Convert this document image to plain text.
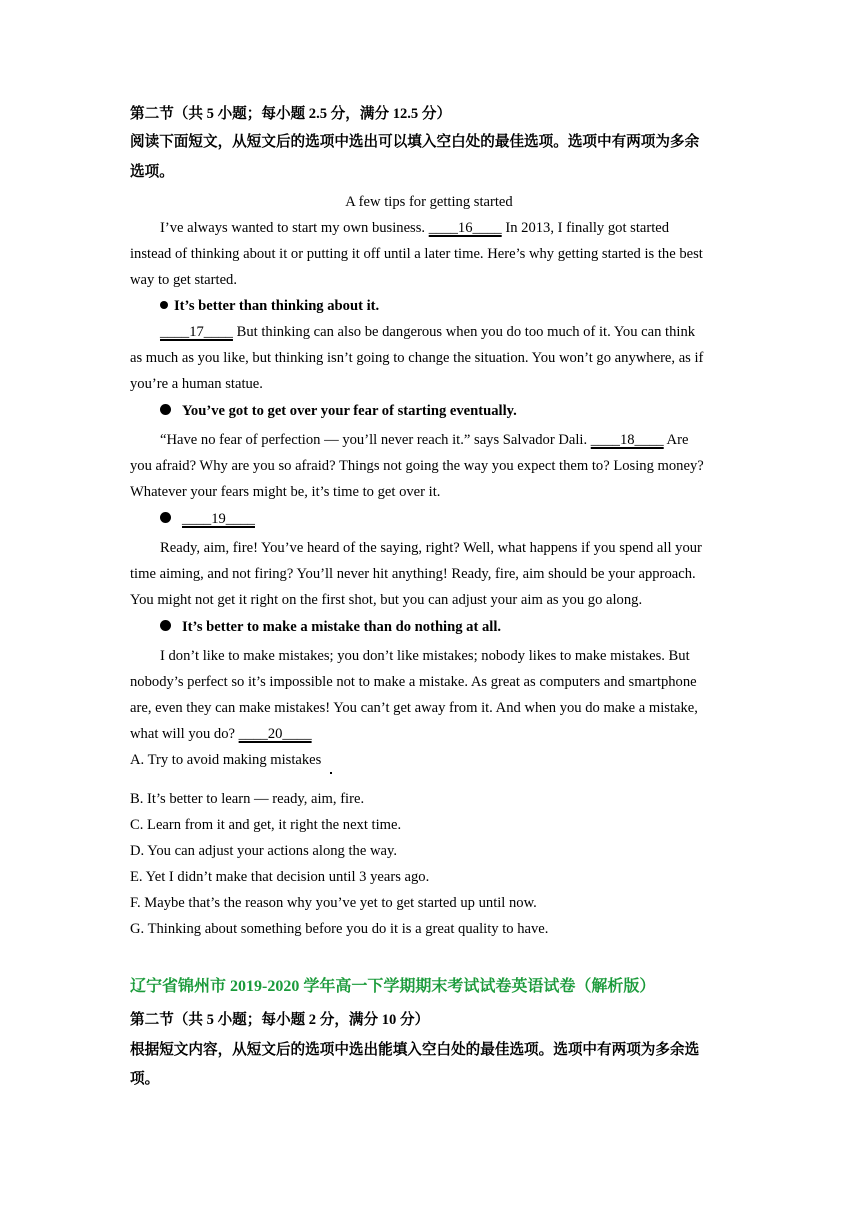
第二节（共 5 小题；每小题 2.5 分，满分 12.5 分）
阅读下面短文，从短文后的选项中选出可以填入空白处的最佳选项。选项中有两项为多余
选项。
A few tips for getting started
I’ve always wanted to start my own business. ____16____ In 2013, I finally got started
instead of thinking about it or putting it off until a later time. Here’s why getting started is the best
way to get started.
It’s better than thinking about it.
____17____ But thinking can also be dangerous when you do too much of it. You can think
as much as you like, but thinking isn’t going to change the situation. You won’t go anywhere, as if
you’re a human statue.
You’ve got to get over your fear of starting eventually.
“Have no fear of perfection — you’ll never reach it.” says Salvador Dali. ____18____ Are
you afraid? Why are you so afraid? Things not going the way you expect them to? Losing money?
Whatever your fears might be, it’s time to get over it.
____19____
Ready, aim, fire! You’ve heard of the saying, right? Well, what happens if you spend all your
time aiming, and not firing? You’ll never hit anything! Ready, fire, aim should be your approach.
You might not get it right on the first shot, but you can adjust your aim as you go along.
It’s better to make a mistake than do nothing at all.
I don’t like to make mistakes; you don’t like mistakes; nobody likes to make mistakes. But
nobody’s perfect so it’s impossible not to make a mistake. As great as computers and smartphone
are, even they can make mistakes! You can’t get away from it. And when you do make a mistake,
what will you do? ____20____
A. Try to avoid making mistakes
B. It’s better to learn — ready, aim, fire.
C. Learn from it and get, it right the next time.
D. You can adjust your actions along the way.
E. Yet I didn’t make that decision until 3 years ago.
F. Maybe that’s the reason why you’ve yet to get started up until now.
G. Thinking about something before you do it is a great quality to have.
辽宁省锦州市 2019-2020 学年高一下学期期末考试试卷英语试卷（解析版）
第二节（共 5 小题；每小题 2 分，满分 10 分）
根据短文内容，从短文后的选项中选出能填入空白处的最佳选项。选项中有两项为多余选
项。
